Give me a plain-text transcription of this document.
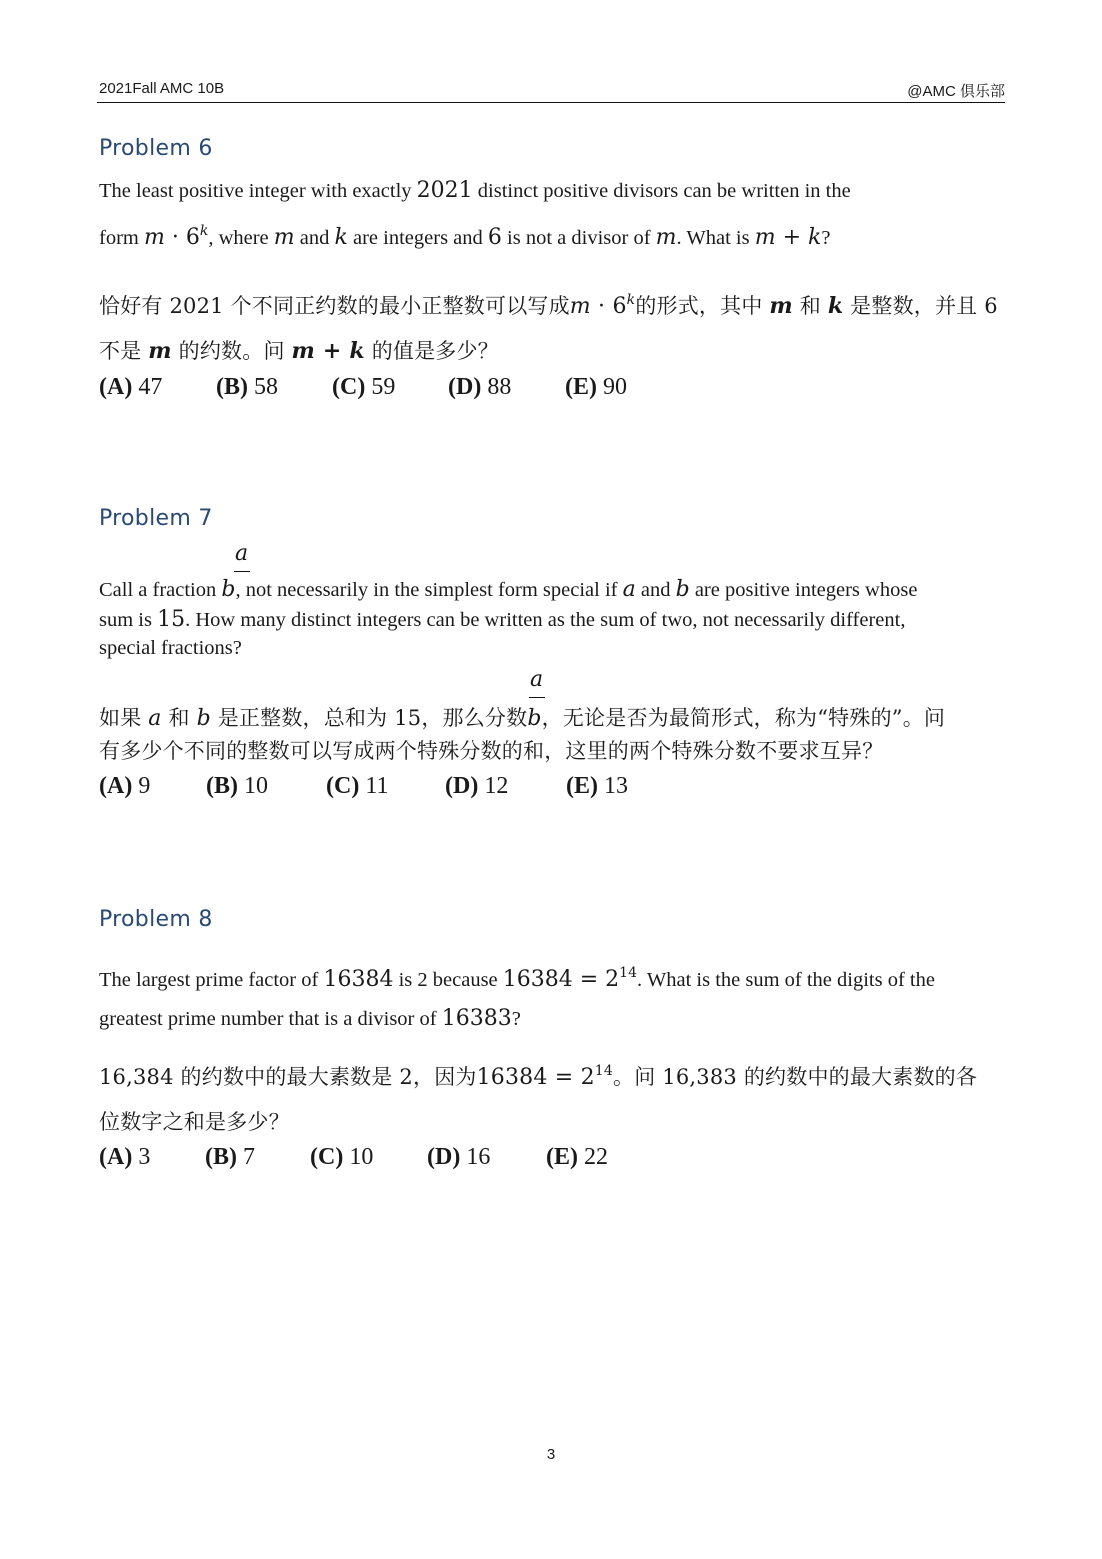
2021Fall AMC 10B	@AMC 俱乐部
Problem 6
The least positive integer with exactly 2021 distinct positive divisors can be written in the
form $m \cdot 6^k$, where m and k are integers and 6 is not a divisor of m. What is m + k?
恰好有 2021 个不同正约数的最小正整数可以写成$m \cdot 6^k$的形式，其中 m 和 k 是整数，并且 6
不是 m 的约数。问 m + k 的值是多少？
(A) 47 (B) 58 (C) 59 (D) 88 (E) 90
Problem 7
a
Call a fraction b, not necessarily in the simplest form special if a and b are positive integers whose
sum is 15. How many distinct integers can be written as the sum of two, not necessarily different,
special fractions?
a
如果 a 和 b 是正整数，总和为 15，那么分数b，无论是否为最简形式，称为“特殊的”。问
有多少个不同的整数可以写成两个特殊分数的和，这里的两个特殊分数不要求互异？
(A) 9 (B) 10 (C) 11 (D) 12 (E) 13
Problem 8
The largest prime factor of 16384 is 2 because $16384 = 2^{14}$. What is the sum of the digits of the
greatest prime number that is a divisor of 16383?
16,384 的约数中的最大素数是 2，因为$16384 = 2^{14}$。问 16,383 的约数中的最大素数的各
位数字之和是多少？
(A) 3 (B) 7 (C) 10 (D) 16 (E) 22
3
